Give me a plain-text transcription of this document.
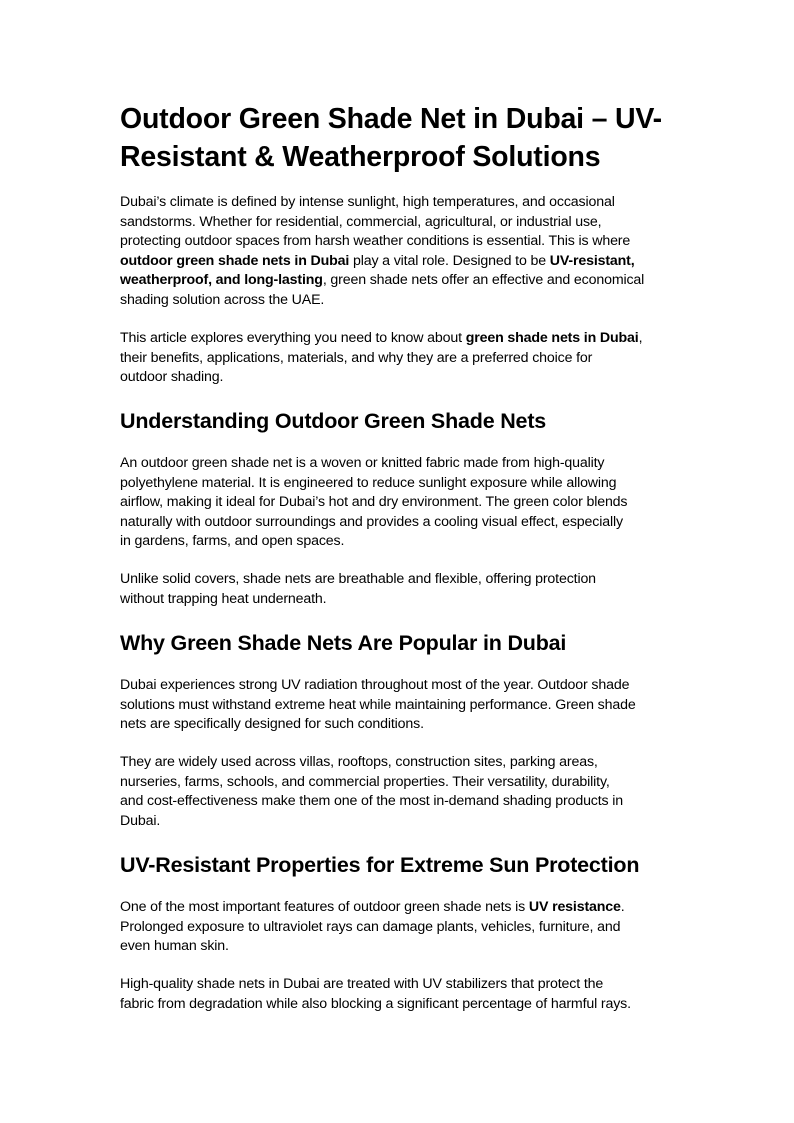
Outdoor Green Shade Net in Dubai – UV-Resistant & Weatherproof Solutions

Dubai’s climate is defined by intense sunlight, high temperatures, and occasional
sandstorms. Whether for residential, commercial, agricultural, or industrial use,
protecting outdoor spaces from harsh weather conditions is essential. This is where
outdoor green shade nets in Dubai play a vital role. Designed to be UV-resistant,
weatherproof, and long-lasting, green shade nets offer an effective and economical
shading solution across the UAE.

This article explores everything you need to know about green shade nets in Dubai,
their benefits, applications, materials, and why they are a preferred choice for
outdoor shading.

Understanding Outdoor Green Shade Nets

An outdoor green shade net is a woven or knitted fabric made from high-quality
polyethylene material. It is engineered to reduce sunlight exposure while allowing
airflow, making it ideal for Dubai’s hot and dry environment. The green color blends
naturally with outdoor surroundings and provides a cooling visual effect, especially
in gardens, farms, and open spaces.

Unlike solid covers, shade nets are breathable and flexible, offering protection
without trapping heat underneath.

Why Green Shade Nets Are Popular in Dubai

Dubai experiences strong UV radiation throughout most of the year. Outdoor shade
solutions must withstand extreme heat while maintaining performance. Green shade
nets are specifically designed for such conditions.

They are widely used across villas, rooftops, construction sites, parking areas,
nurseries, farms, schools, and commercial properties. Their versatility, durability,
and cost-effectiveness make them one of the most in-demand shading products in
Dubai.

UV-Resistant Properties for Extreme Sun Protection

One of the most important features of outdoor green shade nets is UV resistance.
Prolonged exposure to ultraviolet rays can damage plants, vehicles, furniture, and
even human skin.

High-quality shade nets in Dubai are treated with UV stabilizers that protect the
fabric from degradation while also blocking a significant percentage of harmful rays.
